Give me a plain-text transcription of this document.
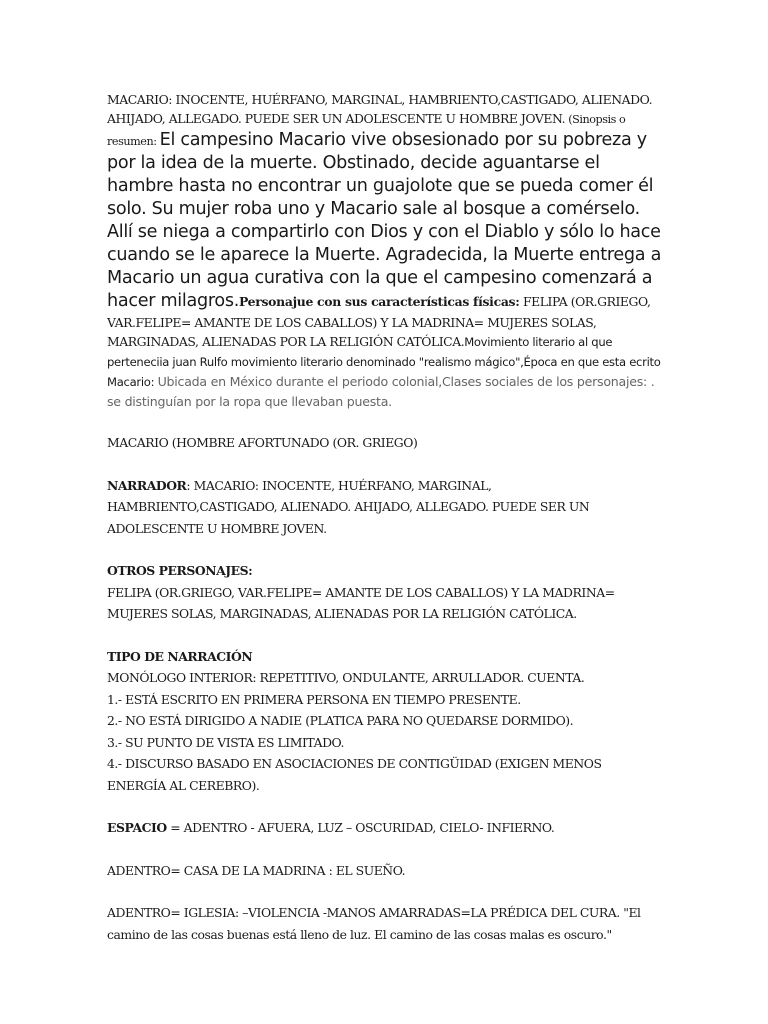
MACARIO: INOCENTE, HUÉRFANO, MARGINAL, HAMBRIENTO,CASTIGADO, ALIENADO. AHIJADO, ALLEGADO. PUEDE SER UN ADOLESCENTE U HOMBRE JOVEN. (Sinopsis o resumen: El campesino Macario vive obsesionado por su pobreza y por la idea de la muerte. Obstinado, decide aguantarse el hambre hasta no encontrar un guajolote que se pueda comer él solo. Su mujer roba uno y Macario sale al bosque a comérselo. Allí se niega a compartirlo con Dios y con el Diablo y sólo lo hace cuando se le aparece la Muerte. Agradecida, la Muerte entrega a Macario un agua curativa con la que el campesino comenzará a hacer milagros.Personajue con sus características físicas: FELIPA (OR.GRIEGO, VAR.FELIPE= AMANTE DE LOS CABALLOS) Y LA MADRINA= MUJERES SOLAS, MARGINADAS, ALIENADAS POR LA RELIGIÓN CATÓLICA.Movimiento literario al que perteneciia juan Rulfo movimiento literario denominado "realismo mágico",Época en que esta ecrito Macario: Ubicada en México durante el periodo colonial,Clases sociales de los personajes: . se distinguían por la ropa que llevaban puesta.

MACARIO (HOMBRE AFORTUNADO (OR. GRIEGO)

NARRADOR: MACARIO: INOCENTE, HUÉRFANO, MARGINAL, HAMBRIENTO,CASTIGADO, ALIENADO. AHIJADO, ALLEGADO. PUEDE SER UN ADOLESCENTE U HOMBRE JOVEN.

OTROS PERSONAJES:

FELIPA (OR.GRIEGO, VAR.FELIPE= AMANTE DE LOS CABALLOS) Y LA MADRINA= MUJERES SOLAS, MARGINADAS, ALIENADAS POR LA RELIGIÓN CATÓLICA.

TIPO DE NARRACIÓN

MONÓLOGO INTERIOR: REPETITIVO, ONDULANTE, ARRULLADOR. CUENTA.

1.- ESTÁ ESCRITO EN PRIMERA PERSONA EN TIEMPO PRESENTE.

2.- NO ESTÁ DIRIGIDO A NADIE (PLATICA PARA NO QUEDARSE DORMIDO).

3.- SU PUNTO DE VISTA ES LIMITADO.

4.- DISCURSO BASADO EN ASOCIACIONES DE CONTIGÜIDAD (EXIGEN MENOS ENERGÍA AL CEREBRO).

ESPACIO = ADENTRO - AFUERA, LUZ – OSCURIDAD, CIELO- INFIERNO.

ADENTRO= CASA DE LA MADRINA : EL SUEÑO.

ADENTRO= IGLESIA: –VIOLENCIA -MANOS AMARRADAS=LA PRÉDICA DEL CURA. "El camino de las cosas buenas está lleno de luz. El camino de las cosas malas es oscuro."
